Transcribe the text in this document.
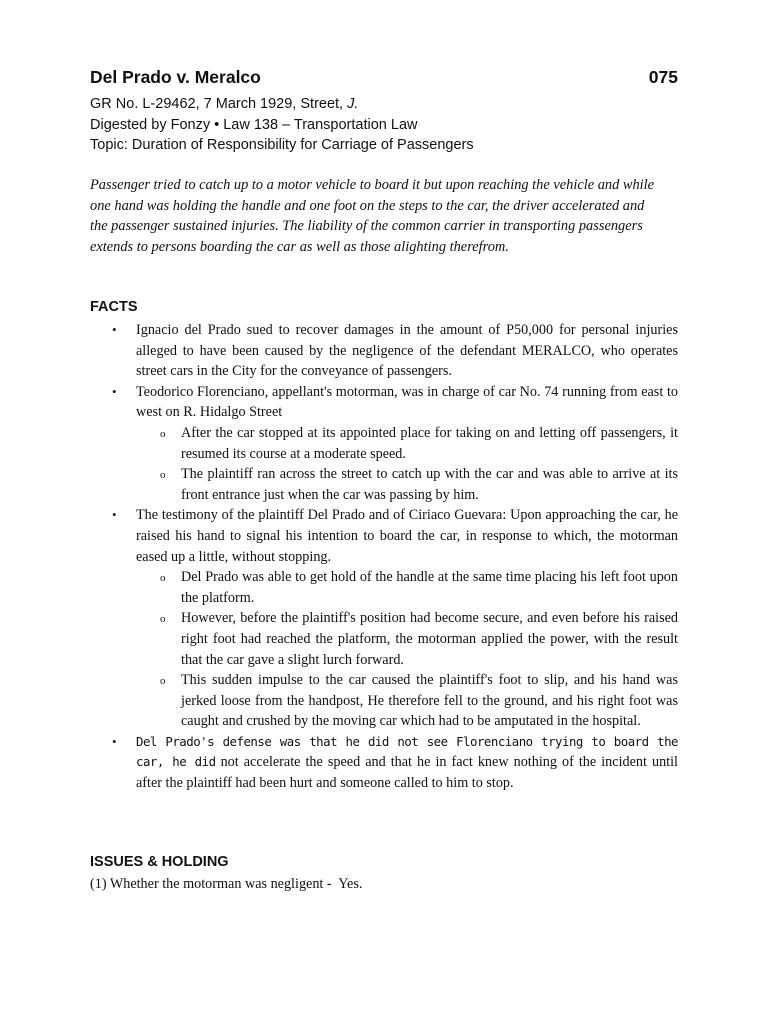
Del Prado v. Meralco	075
GR No. L-29462, 7 March 1929, Street, J.
Digested by Fonzy • Law 138 – Transportation Law
Topic: Duration of Responsibility for Carriage of Passengers
Passenger tried to catch up to a motor vehicle to board it but upon reaching the vehicle and while one hand was holding the handle and one foot on the steps to the car, the driver accelerated and the passenger sustained injuries. The liability of the common carrier in transporting passengers extends to persons boarding the car as well as those alighting therefrom.
FACTS
• Ignacio del Prado sued to recover damages in the amount of P50,000 for personal injuries alleged to have been caused by the negligence of the defendant MERALCO, who operates street cars in the City for the conveyance of passengers.
• Teodorico Florenciano, appellant's motorman, was in charge of car No. 74 running from east to west on R. Hidalgo Street
o After the car stopped at its appointed place for taking on and letting off passengers, it resumed its course at a moderate speed.
o The plaintiff ran across the street to catch up with the car and was able to arrive at its front entrance just when the car was passing by him.
• The testimony of the plaintiff Del Prado and of Ciriaco Guevara: Upon approaching the car, he raised his hand to signal his intention to board the car, in response to which, the motorman eased up a little, without stopping.
o Del Prado was able to get hold of the handle at the same time placing his left foot upon the platform.
o However, before the plaintiff's position had become secure, and even before his raised right foot had reached the platform, the motorman applied the power, with the result that the car gave a slight lurch forward.
o This sudden impulse to the car caused the plaintiff's foot to slip, and his hand was jerked loose from the handpost, He therefore fell to the ground, and his right foot was caught and crushed by the moving car which had to be amputated in the hospital.
• Del Prado's defense was that he did not see Florenciano trying to board the car, he did not accelerate the speed and that he in fact knew nothing of the incident until after the plaintiff had been hurt and someone called to him to stop.
ISSUES & HOLDING
(1) Whether the motorman was negligent -  Yes.
